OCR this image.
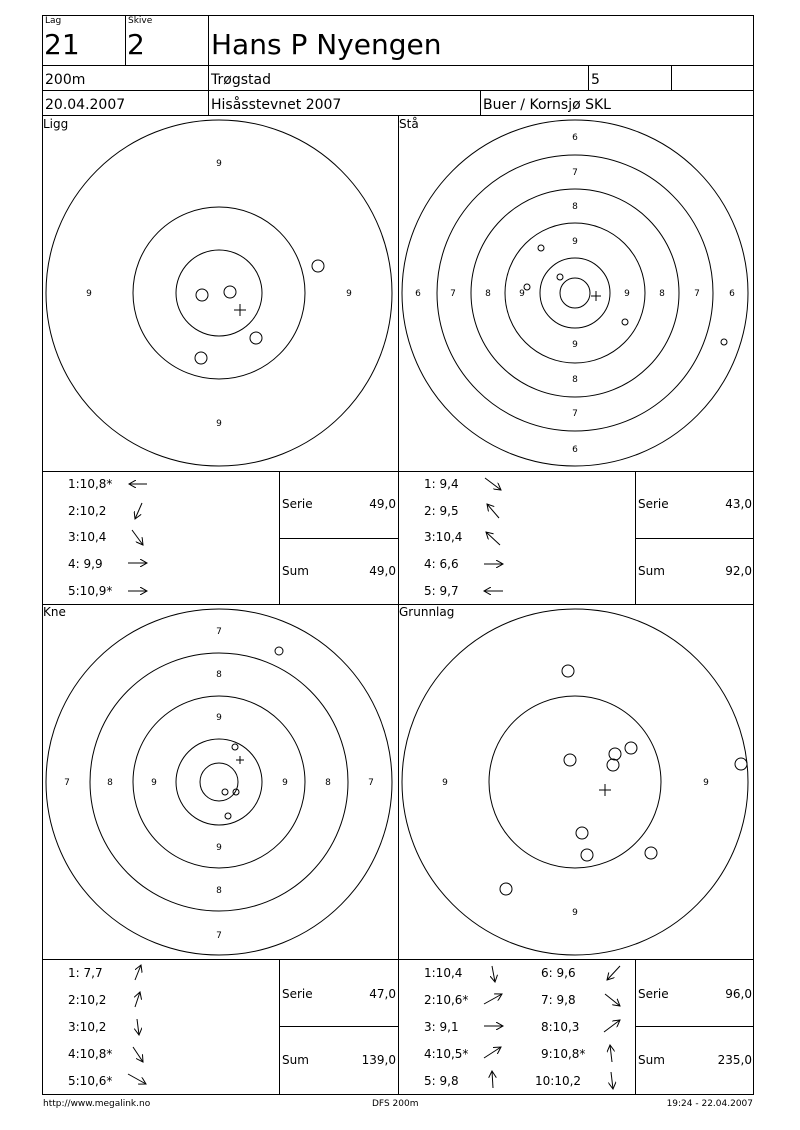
Lag
21
Skive
2 Hans P Nyengen
200m	Trøgstad	5
20.04.2007	Hisåsstevnet 2007	Buer / Kornsjø SKL
Ligg	Stå
Kne	Grunnlag
9
9
9	9
6
7
8
9
9
8
7
6
6	7	8	9	9	8	7	6
7
8
9
9
8
7
7	8	9	9	8	7	9	9
9
1:10,8*
2:10,2
3:10,4
4: 9,9
5:10,9*
Serie	49,0
Sum	49,0
1: 9,4
2: 9,5
3:10,4
4: 6,6
5: 9,7
Serie	43,0
Sum	92,0
1: 7,7
2:10,2
3:10,2
4:10,8*
5:10,6*
Serie	47,0
Sum	139,0
1:10,4
2:10,6*
3: 9,1
4:10,5*
5: 9,8
6: 9,6
7: 9,8
8:10,3
9:10,8*
10:10,2
Serie	96,0
Sum	235,0
http://www.megalink.no	DFS 200m	19:24 - 22.04.2007
